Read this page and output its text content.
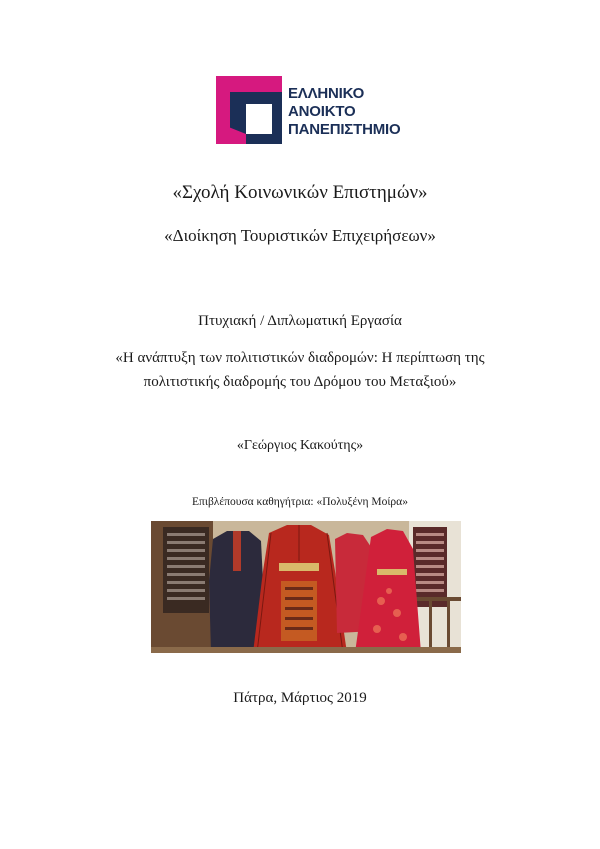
ΕΛΛΗΝΙΚΟ
ΑΝΟΙΚΤΟ
ΠΑΝΕΠΙΣΤΗΜΙΟ
«Σχολή Κοινωνικών Επιστημών»
«Διοίκηση Τουριστικών Επιχειρήσεων»
Πτυχιακή / Διπλωματική Εργασία
«Η ανάπτυξη των πολιτιστικών διαδρομών: Η περίπτωση της
πολιτιστικής διαδρομής του Δρόμου του Μεταξιού»
«Γεώργιος Κακούτης»
Επιβλέπουσα καθηγήτρια: «Πολυξένη Μοίρα»
Πάτρα, Μάρτιος 2019
